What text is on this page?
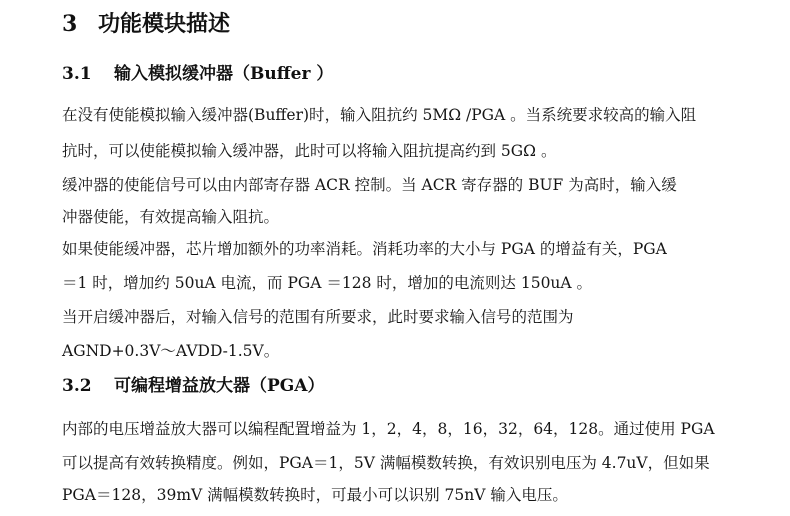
3 功能模块描述
3.1 输入模拟缓冲器（Buffer ）
在没有使能模拟输入缓冲器(Buffer)时，输入阻抗约 5MΩ /PGA 。当系统要求较高的输入阻
抗时，可以使能模拟输入缓冲器，此时可以将输入阻抗提高约到 5GΩ 。
缓冲器的使能信号可以由内部寄存器 ACR 控制。当 ACR 寄存器的 BUF 为高时，输入缓
冲器使能，有效提高输入阻抗。
如果使能缓冲器，芯片增加额外的功率消耗。消耗功率的大小与 PGA 的增益有关，PGA
＝1 时，增加约 50uA 电流，而 PGA ＝128 时，增加的电流则达 150uA 。
当开启缓冲器后，对输入信号的范围有所要求，此时要求输入信号的范围为
AGND+0.3V～AVDD-1.5V。
3.2 可编程增益放大器（PGA）
内部的电压增益放大器可以编程配置增益为 1，2，4，8，16，32，64，128。通过使用 PGA
可以提高有效转换精度。例如，PGA＝1，5V 满幅模数转换，有效识别电压为 4.7uV，但如果
PGA＝128，39mV 满幅模数转换时，可最小可以识别 75nV 输入电压。
